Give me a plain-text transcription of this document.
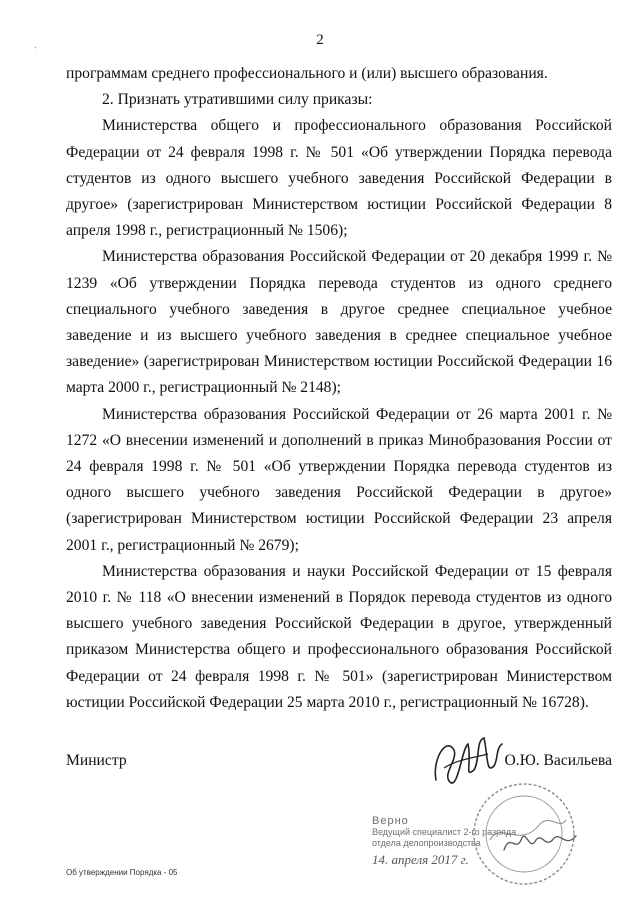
ˎ	2

программам среднего профессионального и (или) высшего образования.

2. Признать утратившими силу приказы:

Министерства общего и профессионального образования Российской Федерации от 24 февраля 1998 г. № 501 «Об утверждении Порядка перевода студентов из одного высшего учебного заведения Российской Федерации в другое» (зарегистрирован Министерством юстиции Российской Федерации 8 апреля 1998 г., регистрационный № 1506);

Министерства образования Российской Федерации от 20 декабря 1999 г. № 1239 «Об утверждении Порядка перевода студентов из одного среднего специального учебного заведения в другое среднее специальное учебное заведение и из высшего учебного заведения в среднее специальное учебное заведение» (зарегистрирован Министерством юстиции Российской Федерации 16 марта 2000 г., регистрационный № 2148);

Министерства образования Российской Федерации от 26 марта 2001 г. № 1272 «О внесении изменений и дополнений в приказ Минобразования России от 24 февраля 1998 г. № 501 «Об утверждении Порядка перевода студентов из одного высшего учебного заведения Российской Федерации в другое» (зарегистрирован Министерством юстиции Российской Федерации 23 апреля 2001 г., регистрационный № 2679);

Министерства образования и науки Российской Федерации от 15 февраля 2010 г. № 118 «О внесении изменений в Порядок перевода студентов из одного высшего учебного заведения Российской Федерации в другое, утвержденный приказом Министерства общего и профессионального образования Российской Федерации от 24 февраля 1998 г. № 501» (зарегистрирован Министерством юстиции Российской Федерации 25 марта 2010 г., регистрационный № 16728).

Министр	О.Ю. Васильева
Верно
Ведущий специалист 2-го разряда
отдела делопроизводства
14. апреля 2017 г.
Об утверждении Порядка - 05
